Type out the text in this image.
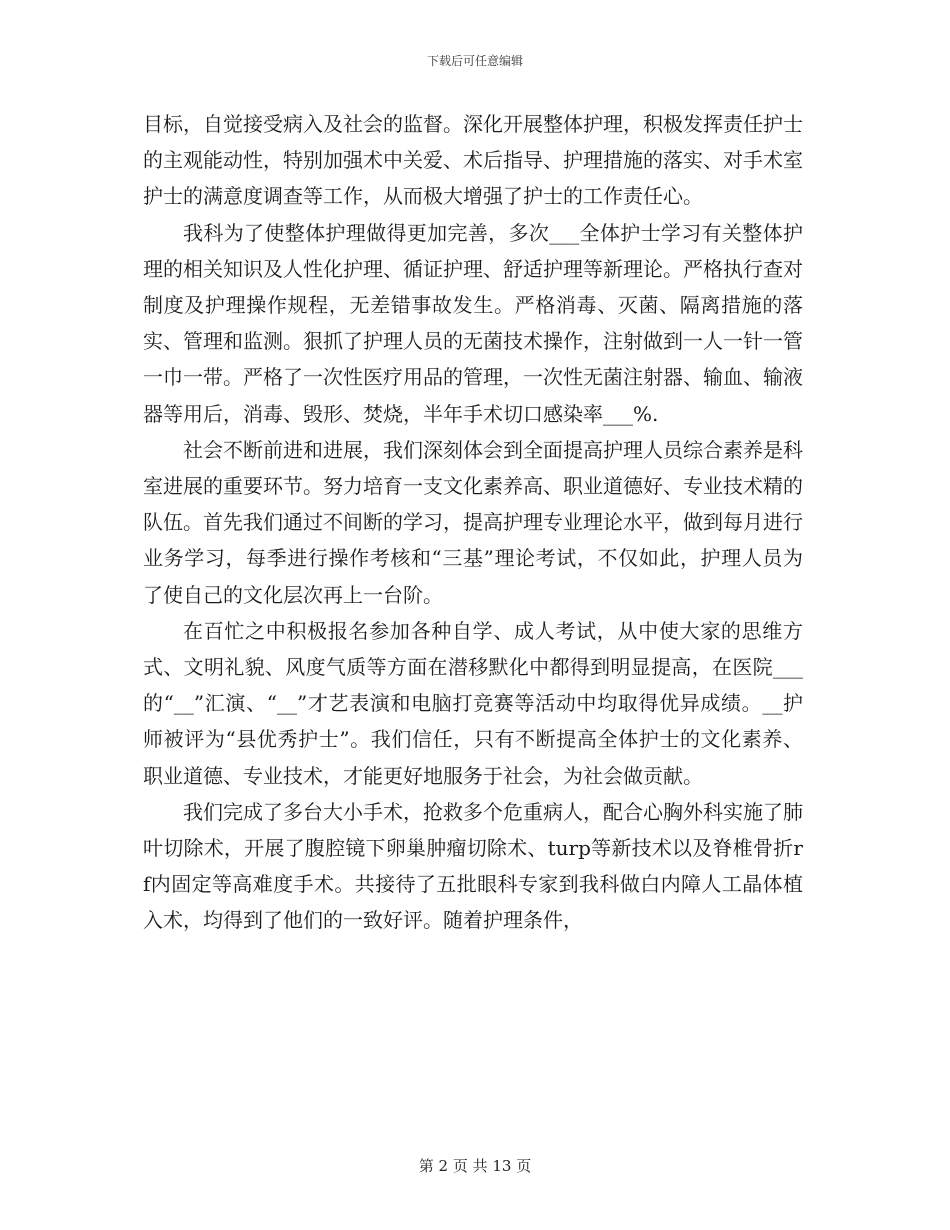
下载后可任意编辑

目标，自觉接受病入及社会的监督。深化开展整体护理，积极发挥责任护士的主观能动性，特别加强术中关爱、术后指导、护理措施的落实、对手术室护士的满意度调查等工作，从而极大增强了护士的工作责任心。

我科为了使整体护理做得更加完善，多次___全体护士学习有关整体护理的相关知识及人性化护理、循证护理、舒适护理等新理论。严格执行查对制度及护理操作规程，无差错事故发生。严格消毒、灭菌、隔离措施的落实、管理和监测。狠抓了护理人员的无菌技术操作，注射做到一人一针一管一巾一带。严格了一次性医疗用品的管理，一次性无菌注射器、输血、输液器等用后，消毒、毁形、焚烧，半年手术切口感染率___%.

社会不断前进和进展，我们深刻体会到全面提高护理人员综合素养是科室进展的重要环节。努力培育一支文化素养高、职业道德好、专业技术精的队伍。首先我们通过不间断的学习，提高护理专业理论水平，做到每月进行业务学习，每季进行操作考核和“三基”理论考试，不仅如此，护理人员为了使自己的文化层次再上一台阶。

在百忙之中积极报名参加各种自学、成人考试，从中使大家的思维方式、文明礼貌、风度气质等方面在潜移默化中都得到明显提高，在医院___的“__”汇演、“__”才艺表演和电脑打竞赛等活动中均取得优异成绩。__护师被评为“县优秀护士”。我们信任，只有不断提高全体护士的文化素养、职业道德、专业技术，才能更好地服务于社会，为社会做贡献。

我们完成了多台大小手术，抢救多个危重病人，配合心胸外科实施了肺叶切除术，开展了腹腔镜下卵巢肿瘤切除术、turp等新技术以及脊椎骨折rf内固定等高难度手术。共接待了五批眼科专家到我科做白内障人工晶体植入术，均得到了他们的一致好评。随着护理条件，

第 2 页 共 13 页
